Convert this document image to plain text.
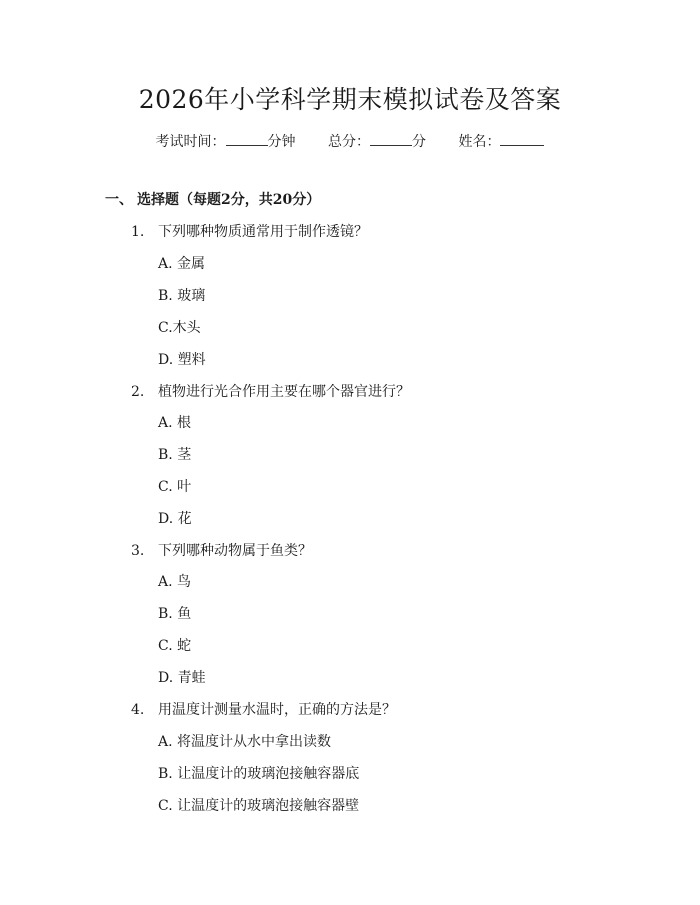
2026年小学科学期末模拟试卷及答案
考试时间：	分钟 总分：	分 姓名：
一、 选择题（每题2分，共20分）
1. 下列哪种物质通常用于制作透镜？
A. 金属
B. 玻璃
C.木头
D. 塑料
2. 植物进行光合作用主要在哪个器官进行？
A. 根
B. 茎
C. 叶
D. 花
3. 下列哪种动物属于鱼类？
A. 鸟
B. 鱼
C. 蛇
D. 青蛙
4. 用温度计测量水温时，正确的方法是？
A. 将温度计从水中拿出读数
B. 让温度计的玻璃泡接触容器底
C. 让温度计的玻璃泡接触容器壁
